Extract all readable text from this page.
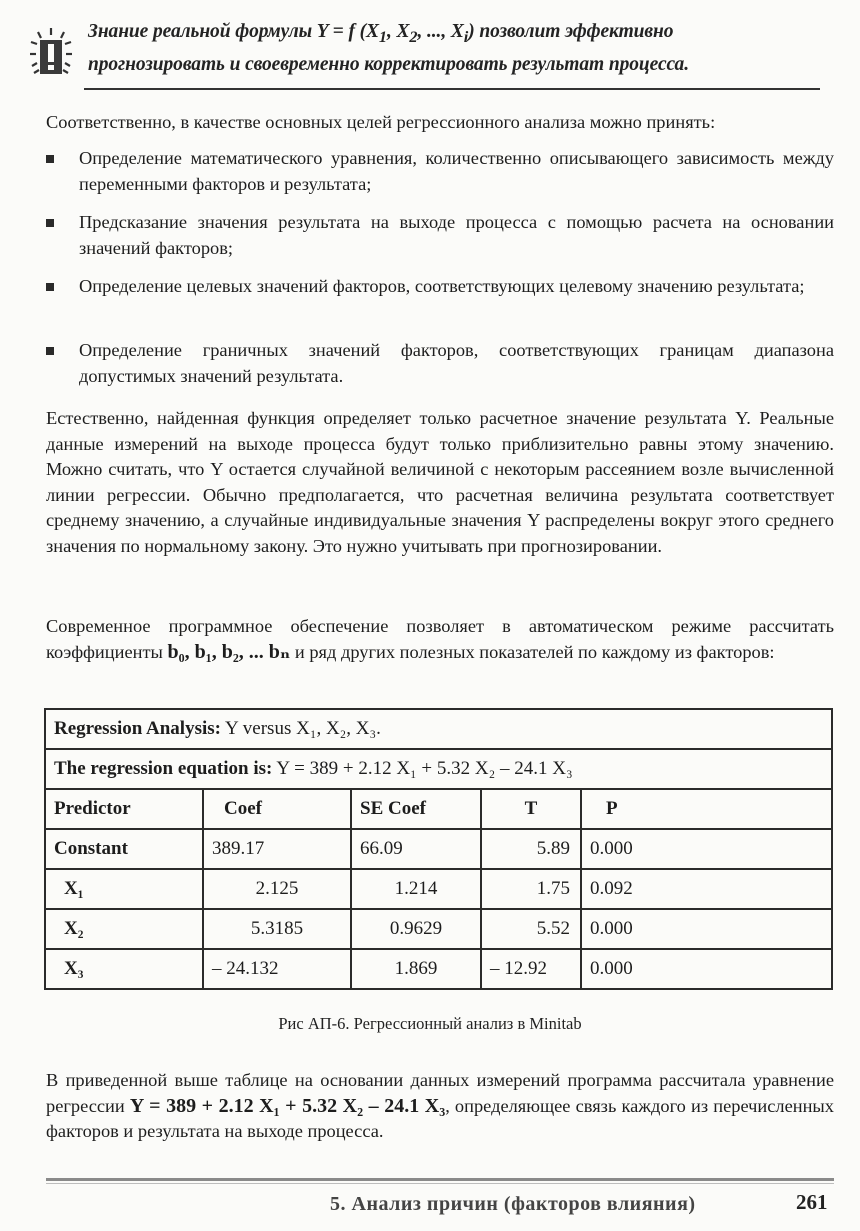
Знание реальной формулы Y = f ($X_1$, $X_2$, ..., $X_i$) позволит эффективно
прогнозировать и своевременно корректировать результат процесса.
Соответственно, в качестве основных целей регрессионного анализа можно принять:
Определение математического уравнения, количественно описывающего зависимость между переменными факторов и результата;
Предсказание значения результата на выходе процесса с помощью расчета на основании значений факторов;
Определение целевых значений факторов, соответствующих целевому значению результата;
Определение граничных значений факторов, соответствующих границам диапазона допустимых значений результата.
Естественно, найденная функция определяет только расчетное значение результата Y. Реальные данные измерений на выходе процесса будут только приблизительно равны этому значению. Можно считать, что Y остается случайной величиной с некоторым рассеянием возле вычисленной линии регрессии. Обычно предполагается, что расчетная величина результата соответствует среднему значению, а случайные индивидуальные значения Y распределены вокруг этого среднего значения по нормальному закону. Это нужно учитывать при прогнозировании.
Современное программное обеспечение позволяет в автоматическом режиме рассчитать коэффициенты b₀, b₁, b₂, ... bₙ и ряд других полезных показателей по каждому из факторов:
Regression Analysis: Y versus X₁, X₂, X₃.				
The regression equation is: Y = 389 + 2.12 X₁ + 5.32 X₂ – 24.1 X₃				
Predictor	Coef	SE Coef	T	P
Constant	389.17	66.09	5.89	0.000
X₁	2.125	1.214	1.75	0.092
X₂	5.3185	0.9629	5.52	0.000
X₃	– 24.132	1.869	– 12.92	0.000
Рис АП-6. Регрессионный анализ в Minitab
В приведенной выше таблице на основании данных измерений программа рассчитала уравнение регрессии Y = 389 + 2.12 X₁ + 5.32 X₂ – 24.1 X₃, определяющее связь каждого из перечисленных факторов и результата на выходе процесса.
5. Анализ причин (факторов влияния)	261
